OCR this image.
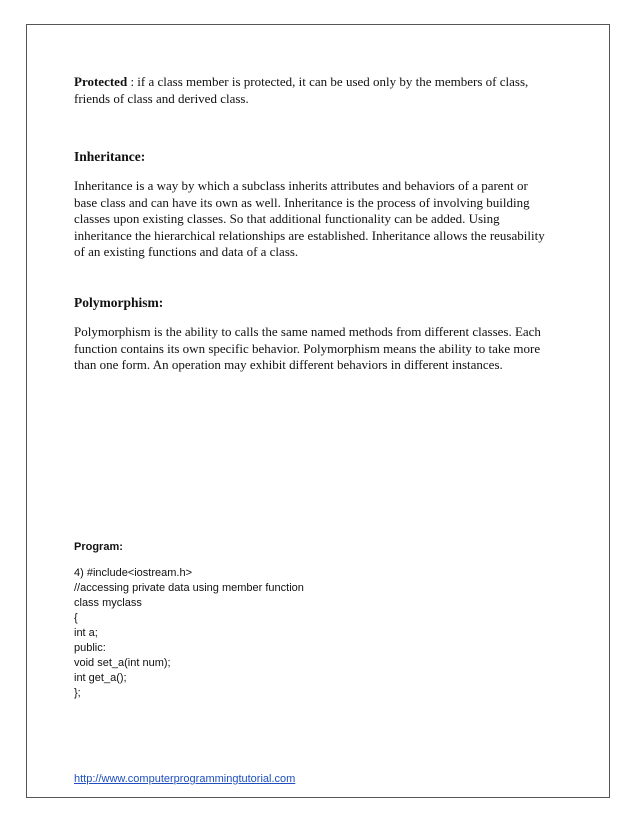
Protected : if a class member is protected, it can be used only by the members of class, friends of class and derived class.

Inheritance:

Inheritance is a way by which a subclass inherits attributes and behaviors of a parent or base class and can have its own as well. Inheritance is the process of involving building classes upon existing classes. So that additional functionality can be added. Using inheritance the hierarchical relationships are established. Inheritance allows the reusability of an existing functions and data of a class.

Polymorphism:

Polymorphism is the ability to calls the same named methods from different classes. Each function contains its own specific behavior. Polymorphism means the ability to take more than one form. An operation may exhibit different behaviors in different instances.

Program:

4) #include<iostream.h>
//accessing private data using member function
class myclass
{
int a;
public:
void set_a(int num);
int get_a();
};
http://www.computerprogrammingtutorial.com
